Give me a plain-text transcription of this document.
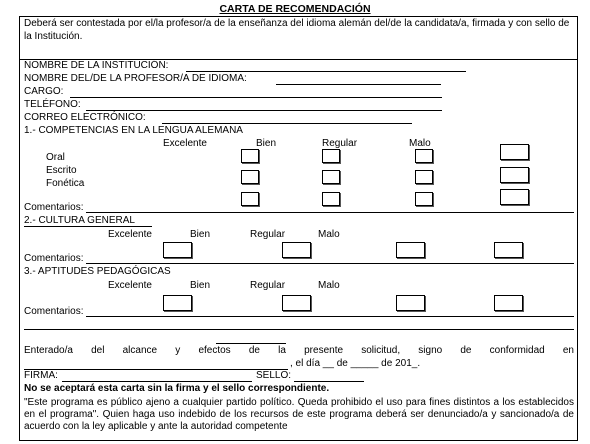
CARTA DE RECOMENDACIÓN
Deberá ser contestada por el/la profesor/a de la enseñanza del idioma alemán del/de la candidata/a, firmada y con sello de la Institución.
NOMBRE DE LA INSTITUCIÓN:
NOMBRE DEL/DE LA PROFESOR/A DE IDIOMA:
CARGO:
TELÉFONO:
CORREO ELECTRÓNICO:
1.- COMPETENCIAS EN LA LENGUA ALEMANA
Excelente	Bien	Regular	Malo
Oral
Escrito
Fonética
Comentarios:
2.- CULTURA GENERAL
Excelente	Bien	Regular	Malo
Comentarios:
3.- APTITUDES PEDAGÓGICAS
Excelente	Bien	Regular	Malo
Comentarios:
Enterado/a del alcance y efectos de la presente solicitud, signo de conformidad en
, el día __ de _____ de 201_.
FIRMA:	SELLO:
No se aceptará esta carta sin la firma y el sello correspondiente.
"Este programa es público ajeno a cualquier partido político. Queda prohibido el uso para fines distintos a los establecidos en el programa". Quien haga uso indebido de los recursos de este programa deberá ser denunciado/a y sancionado/a de acuerdo con la ley aplicable y ante la autoridad competente
